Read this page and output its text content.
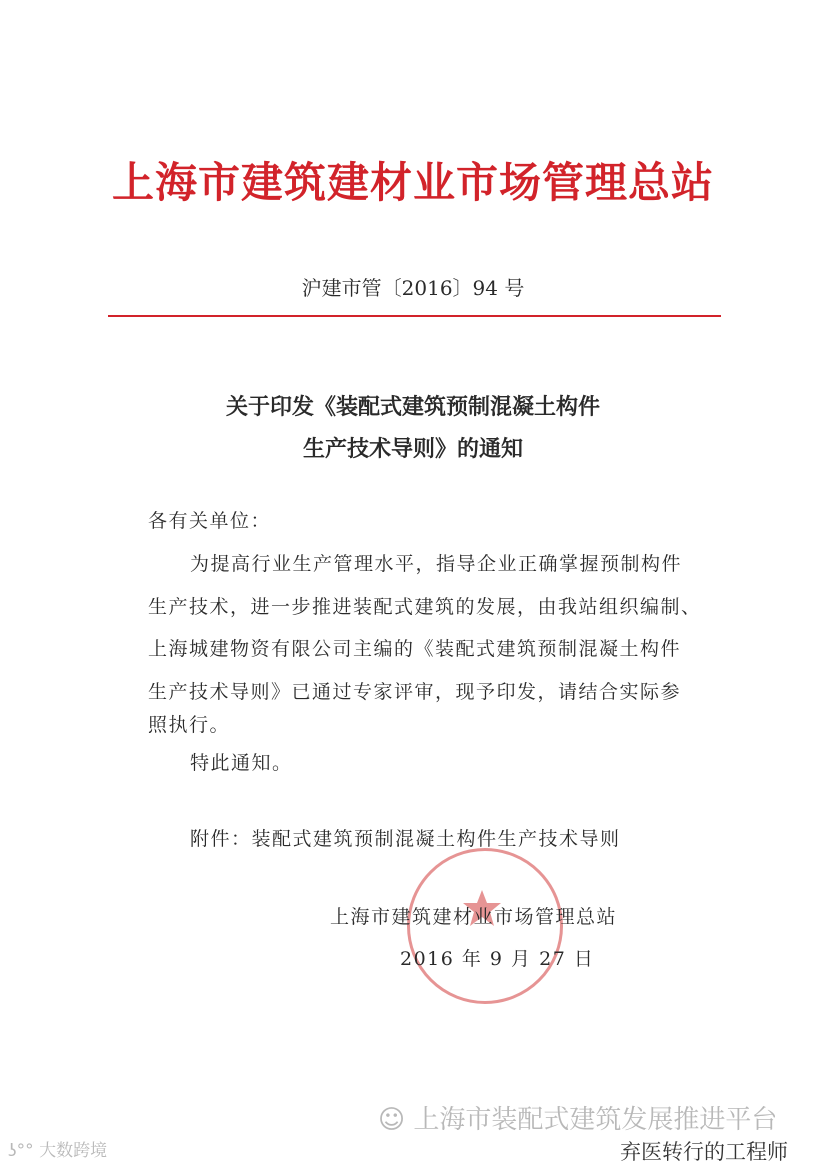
上海市建筑建材业市场管理总站
沪建市管〔2016〕94 号
关于印发《装配式建筑预制混凝土构件
生产技术导则》的通知
各有关单位：
为提高行业生产管理水平，指导企业正确掌握预制构件
生产技术，进一步推进装配式建筑的发展，由我站组织编制、
上海城建物资有限公司主编的《装配式建筑预制混凝土构件
生产技术导则》已通过专家评审，现予印发，请结合实际参
照执行。
特此通知。
附件：装配式建筑预制混凝土构件生产技术导则
上海市建筑建材业市场管理总站
2016 年 9 月 27 日
ʖ°° 大数跨境
☺ 上海市装配式建筑发展推进平台
弃医转行的工程师
